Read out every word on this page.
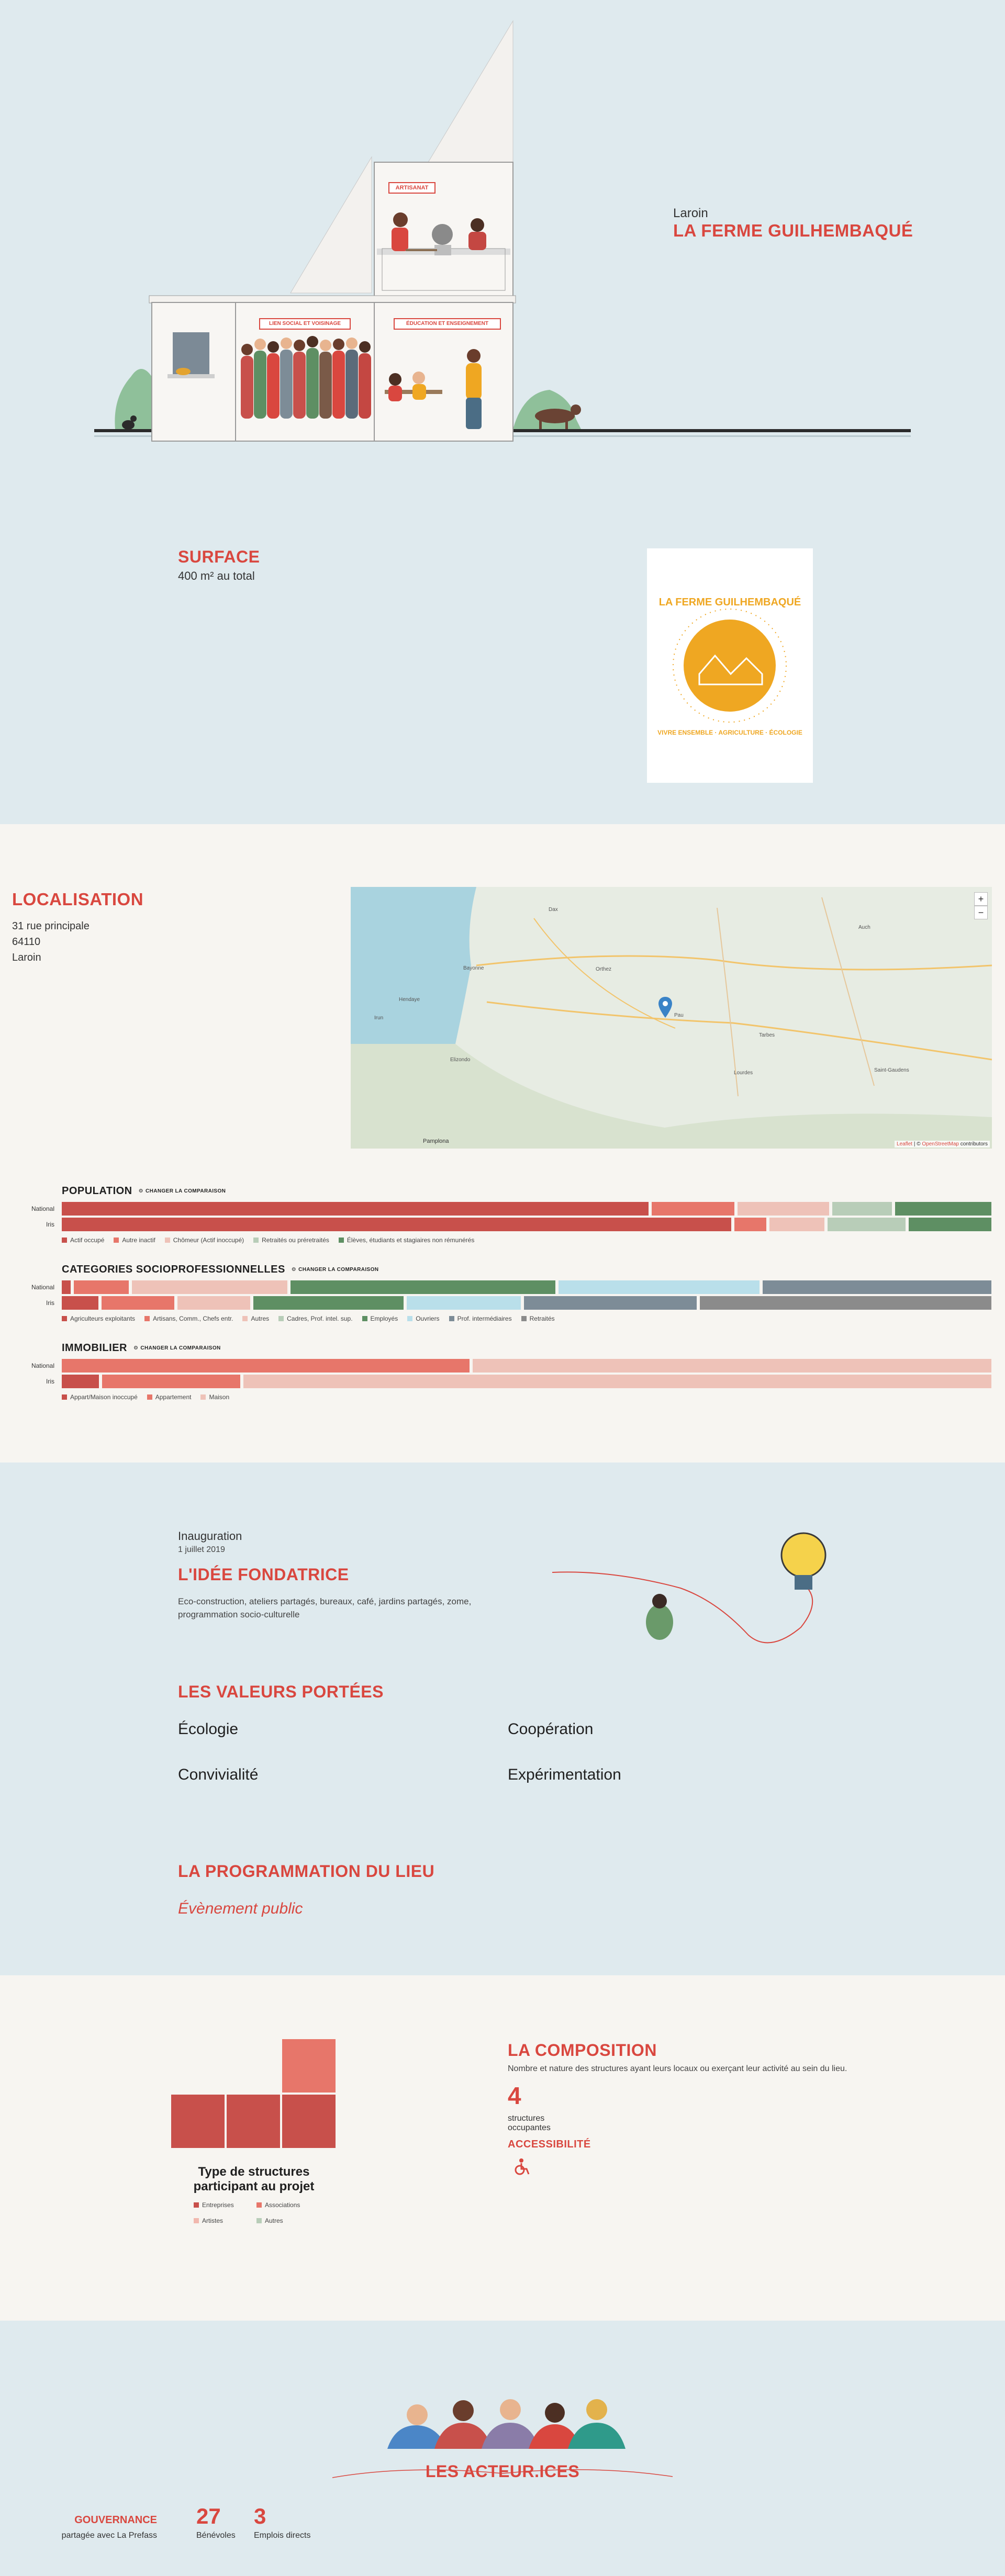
ARTISANAT
LIEN SOCIAL ET VOISINAGE	ÉDUCATION ET ENSEIGNEMENT
Laroin
LA FERME GUILHEMBAQUÉ
SURFACE
400 m² au total
LA FERME GUILHEMBAQUÉ
VIVRE ENSEMBLE · AGRICULTURE · ÉCOLOGIE
LOCALISATION
31 rue principale
64110
Laroin
Dax
Bayonne	Orthez
Hendaye
Irun
Elizondo
Pau
Tarbes
Lourdes
Auch
Saint-Gaudens
Pamplona
+
−
Leaflet | © OpenStreetMap contributors
POPULATION ⚙ CHANGER LA COMPARAISON
National
Iris
Actif occupé	Autre inactif	Chômeur (Actif inoccupé)	Retraités ou préretraités	Élèves, étudiants et stagiaires non rémunérés
CATEGORIES SOCIOPROFESSIONNELLES ⚙ CHANGER LA COMPARAISON
National
Iris
Agriculteurs exploitants	Artisans, Comm., Chefs entr.	Autres	Cadres, Prof. intel. sup.	Employés	Ouvriers	Prof. intermédiaires	Retraités
IMMOBILIER ⚙ CHANGER LA COMPARAISON
National
Iris
Appart/Maison inoccupé	Appartement	Maison
Inauguration
1 juillet 2019
L'IDÉE FONDATRICE
Eco-construction, ateliers partagés, bureaux, café, jardins partagés, zome, programmation socio-culturelle
LES VALEURS PORTÉES
Écologie	Coopération
Convivialité	Expérimentation
LA PROGRAMMATION DU LIEU
Évènement public
Type de structures
participant au projet
Entreprises	Associations
Artistes	Autres
LA COMPOSITION
Nombre et nature des structures ayant leurs locaux ou exerçant leur activité au sein du lieu.
4
structures
occupantes
ACCESSIBILITÉ
LES ACTEUR.ICES
GOUVERNANCE
partagée avec La Prefass
27
Bénévoles
3
Emplois directs
